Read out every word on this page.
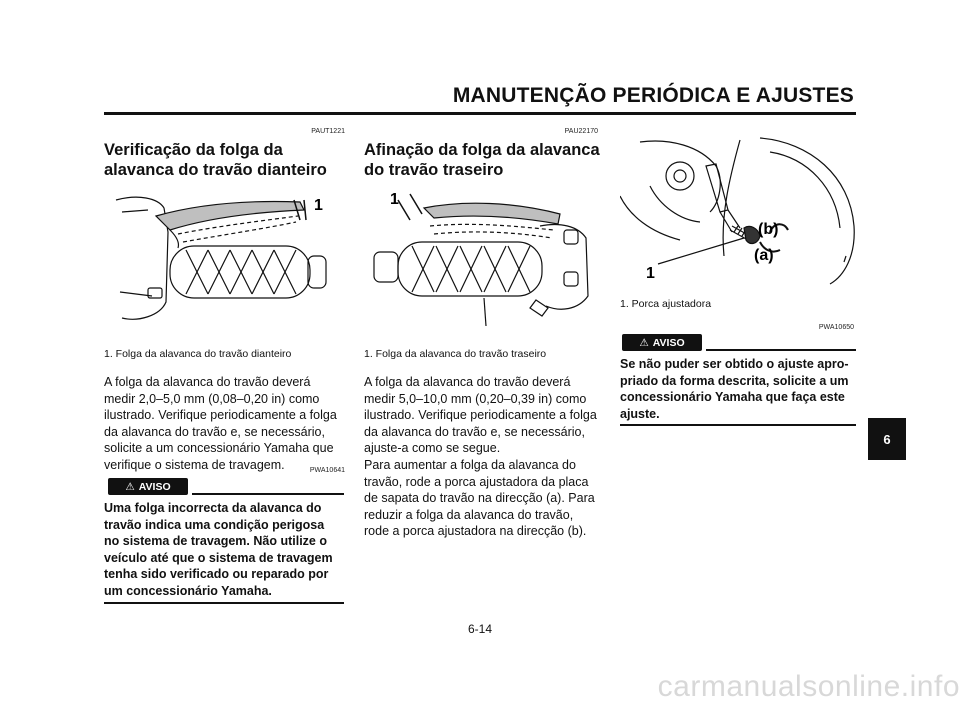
MANUTENÇÃO PERIÓDICA E AJUSTES
PAUT1221
Verificação da folga da
alavanca do travão dianteiro
1
1. Folga da alavanca do travão dianteiro
A folga da alavanca do travão deverá
medir 2,0–5,0 mm (0,08–0,20 in) como
ilustrado. Verifique periodicamente a folga
da alavanca do travão e, se necessário,
solicite a um concessionário Yamaha que
verifique o sistema de travagem.	PWA10641
⚠ AVISO
Uma folga incorrecta da alavanca do
travão indica uma condição perigosa
no sistema de travagem. Não utilize o
veículo até que o sistema de travagem
tenha sido verificado ou reparado por
um concessionário Yamaha.
PAU22170
Afinação da folga da alavanca
do travão traseiro
1
1. Folga da alavanca do travão traseiro
A folga da alavanca do travão deverá
medir 5,0–10,0 mm (0,20–0,39 in) como
ilustrado. Verifique periodicamente a folga
da alavanca do travão e, se necessário,
ajuste-a como se segue.
Para aumentar a folga da alavanca do
travão, rode a porca ajustadora da placa
de sapata do travão na direcção (a). Para
reduzir a folga da alavanca do travão,
rode a porca ajustadora na direcção (b).
(b)
(a)
1
1. Porca ajustadora
PWA10650
⚠ AVISO
Se não puder ser obtido o ajuste apro-
priado da forma descrita, solicite a um
concessionário Yamaha que faça este
ajuste.
6
6-14
carmanualsonline.info
